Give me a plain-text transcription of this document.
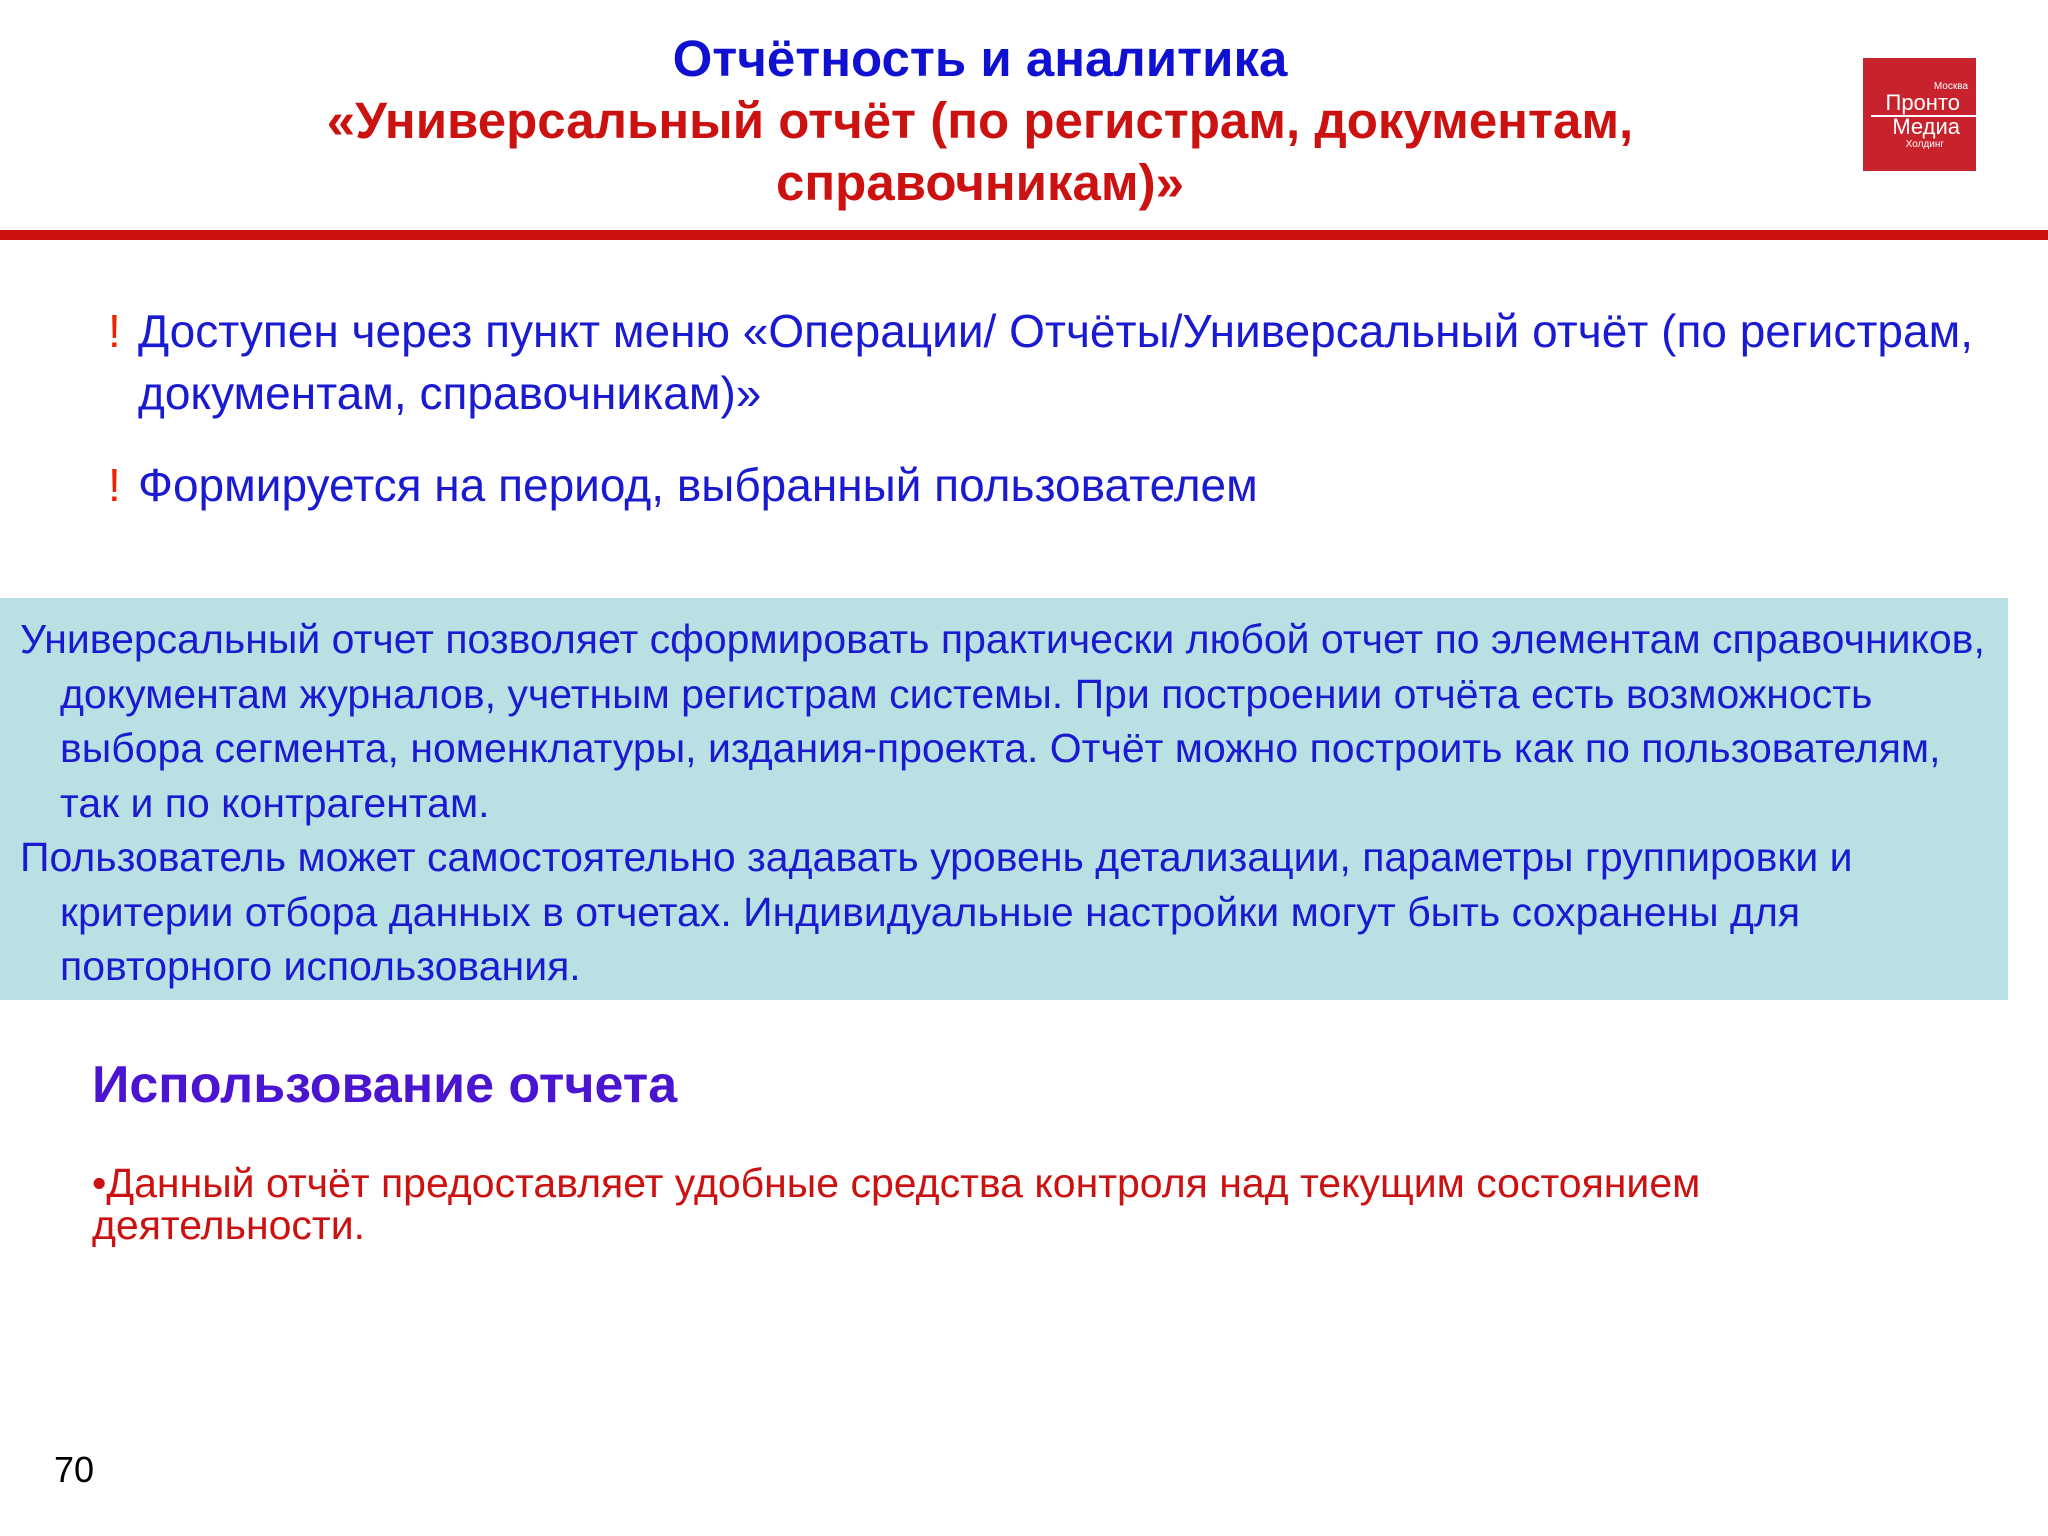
Отчётность и аналитика
«Универсальный отчёт (по регистрам, документам, справочникам)»
Москва
Пронто
Медиа
Холдинг
! Доступен через пункт меню «Операции/ Отчёты/Универсальный отчёт (по регистрам, документам, справочникам)»
! Формируется на период, выбранный пользователем

Универсальный отчет позволяет сформировать практически любой отчет по элементам справочников, документам журналов, учетным регистрам системы. При построении отчёта есть возможность выбора сегмента, номенклатуры, издания-проекта. Отчёт можно построить как по пользователям, так и по контрагентам.

Пользователь может самостоятельно задавать уровень детализации, параметры группировки и критерии отбора данных в отчетах. Индивидуальные настройки могут быть сохранены для повторного использования.

Использование отчета
•Данный отчёт предоставляет удобные средства контроля над текущим состоянием деятельности.
70
